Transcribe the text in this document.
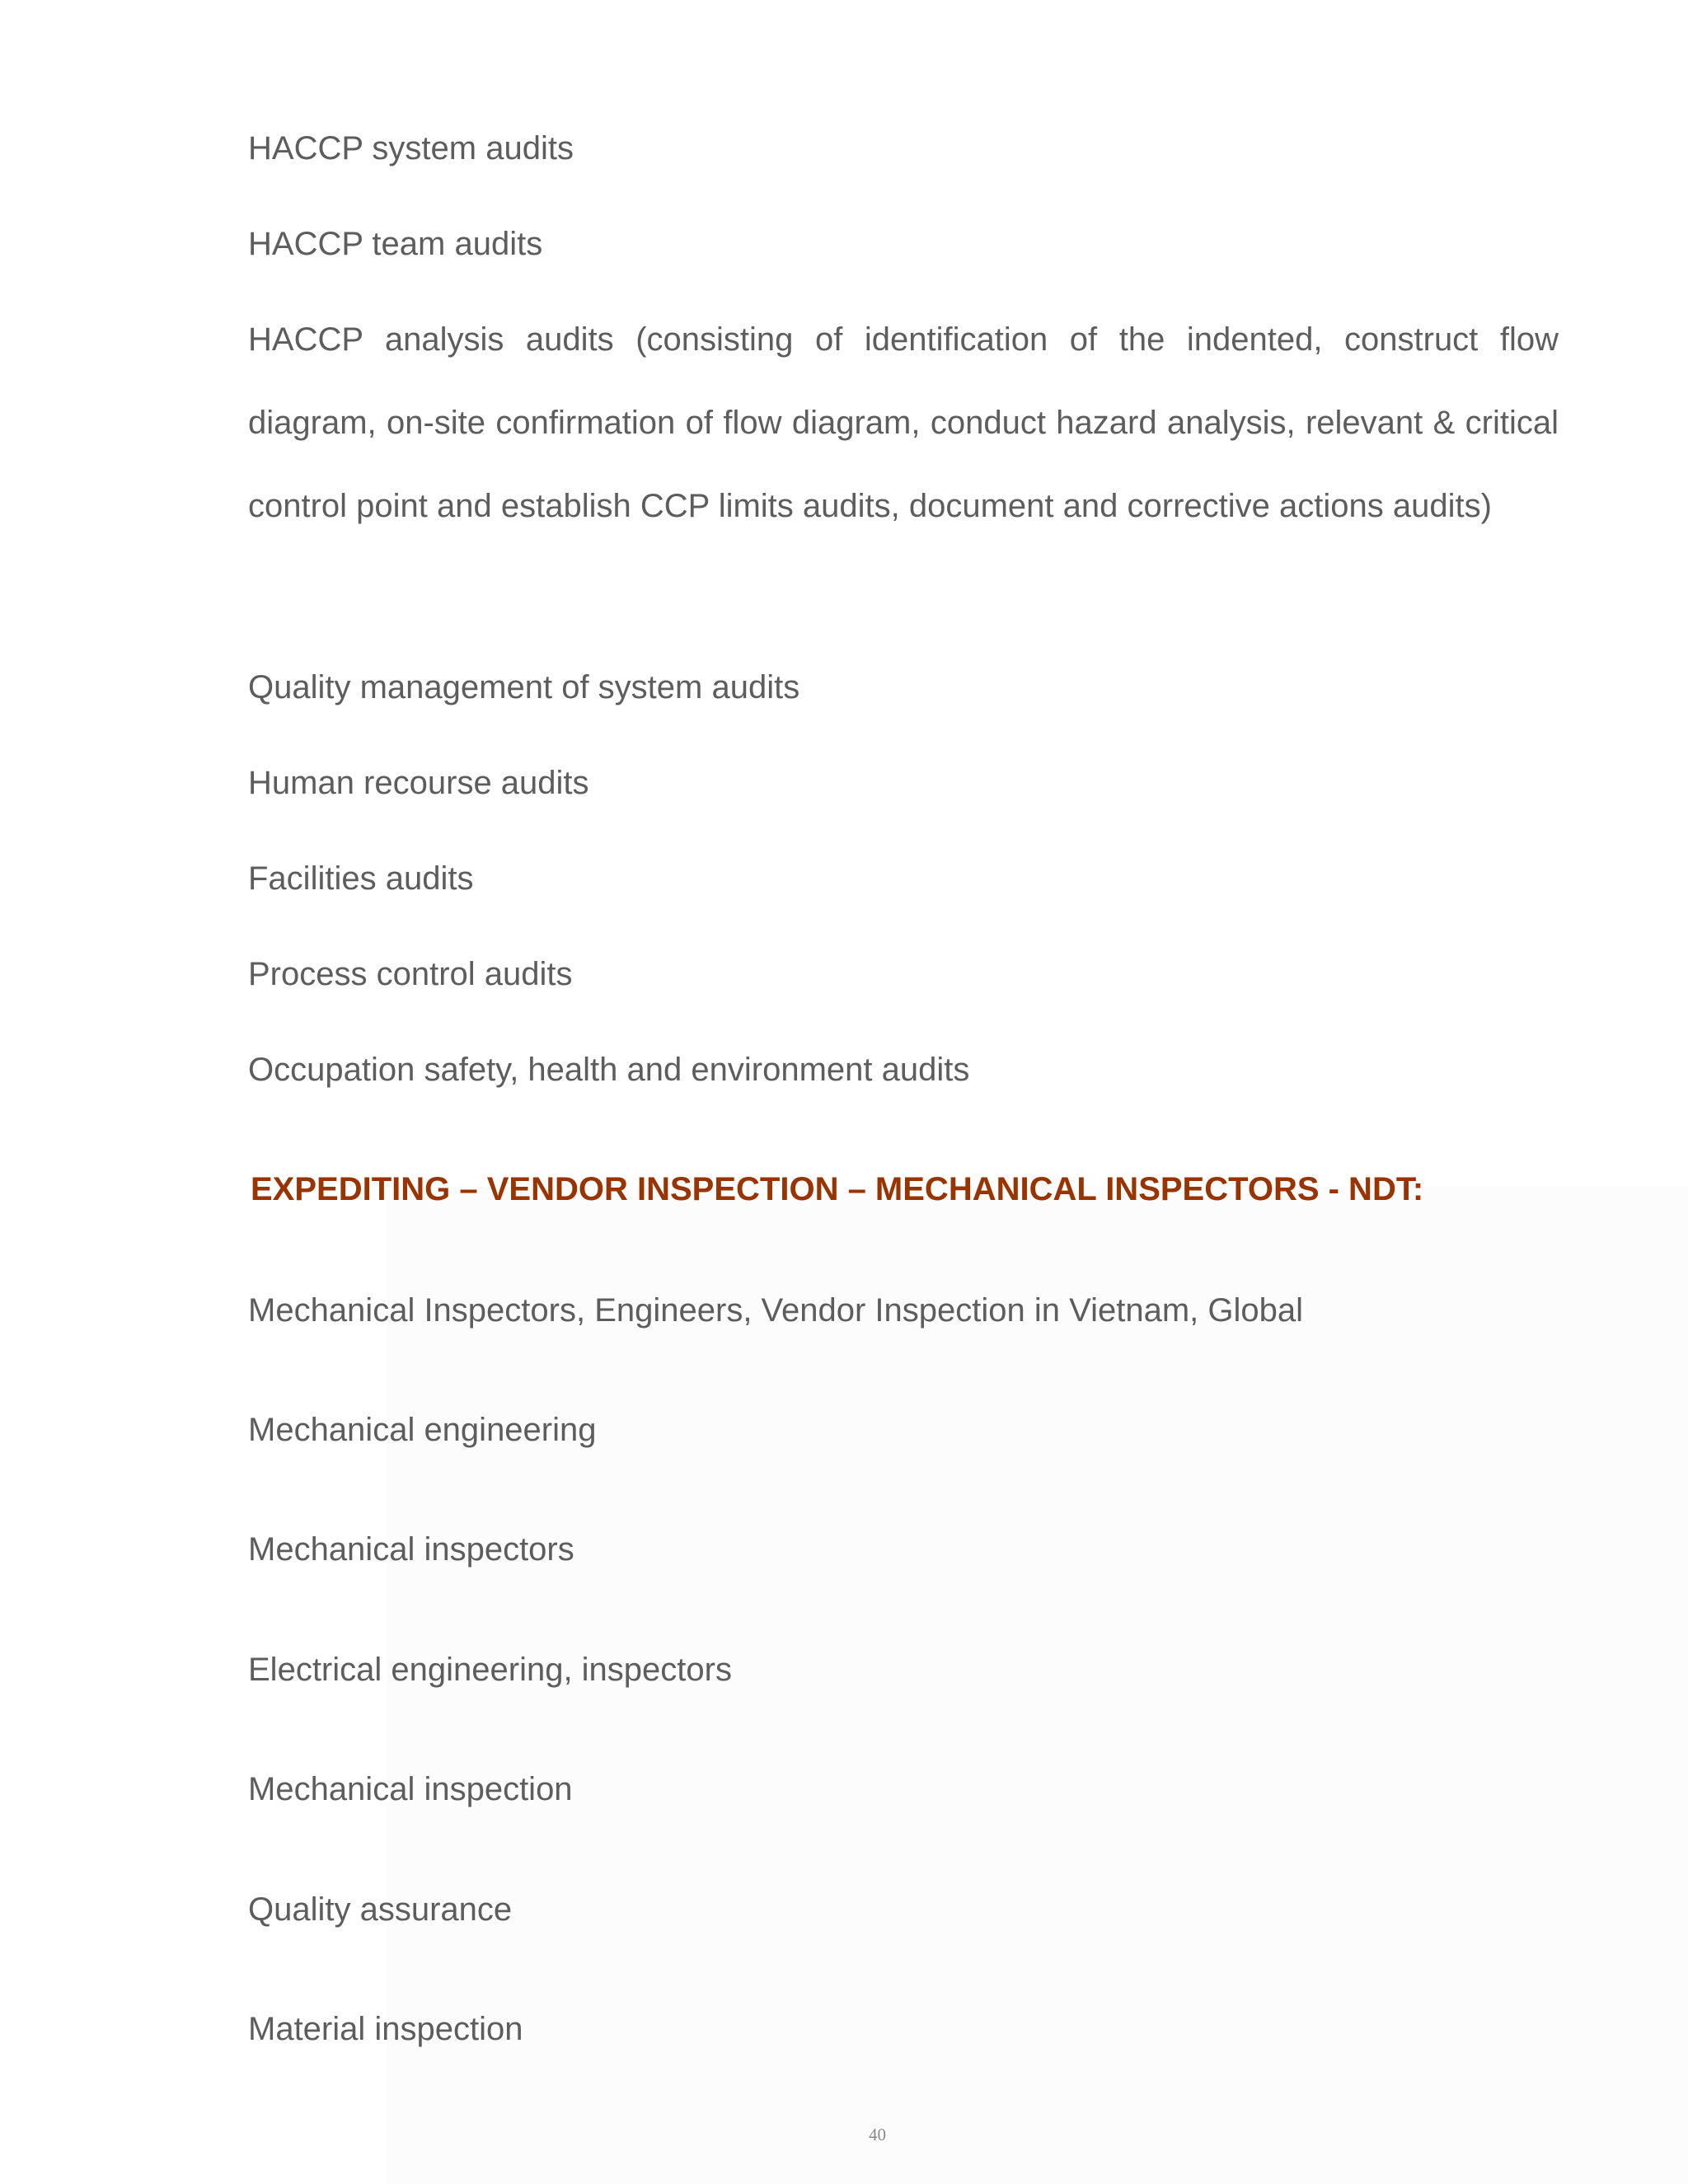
HACCP system audits

HACCP team audits

HACCP analysis audits (consisting of identification of the indented, construct flow diagram, on-site confirmation of flow diagram, conduct hazard analysis, relevant & critical control point and establish CCP limits audits, document and corrective actions audits)

Quality management of system audits

Human recourse audits

Facilities audits

Process control audits

Occupation safety, health and environment audits

EXPEDITING – VENDOR INSPECTION – MECHANICAL INSPECTORS - NDT:

Mechanical Inspectors, Engineers, Vendor Inspection in Vietnam, Global

Mechanical engineering

Mechanical inspectors

Electrical engineering, inspectors

Mechanical inspection

Quality assurance

Material inspection

40
